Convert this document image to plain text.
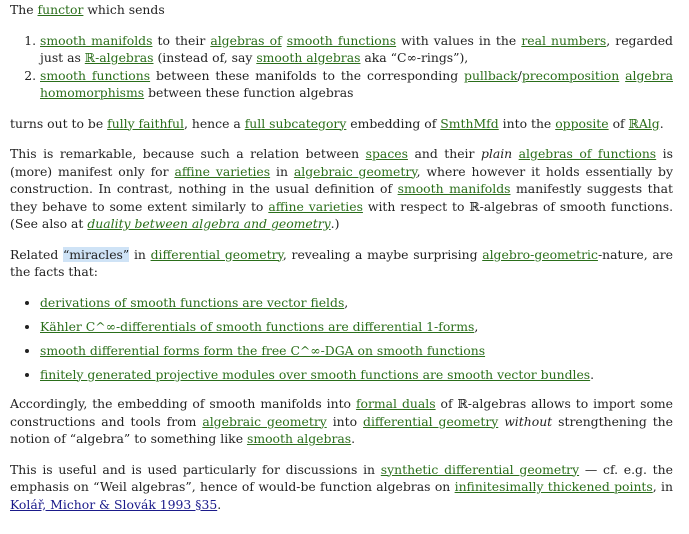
The functor which sends

1. smooth manifolds to their algebras of smooth functions with values in the real numbers, regarded just as ℝ-algebras (instead of, say smooth algebras aka “C∞-rings”),
2. smooth functions between these manifolds to the corresponding pullback/precomposition algebra homomorphisms between these function algebras

turns out to be fully faithful, hence a full subcategory embedding of SmthMfd into the opposite of ℝAlg.

This is remarkable, because such a relation between spaces and their plain algebras of functions is (more) manifest only for affine varieties in algebraic geometry, where however it holds essentially by construction. In contrast, nothing in the usual definition of smooth manifolds manifestly suggests that they behave to some extent similarly to affine varieties with respect to ℝ-algebras of smooth functions. (See also at duality between algebra and geometry.)

Related “miracles” in differential geometry, revealing a maybe surprising algebro-geometric-nature, are the facts that:

• derivations of smooth functions are vector fields,
• Kähler C^∞-differentials of smooth functions are differential 1-forms,
• smooth differential forms form the free C^∞-DGA on smooth functions
• finitely generated projective modules over smooth functions are smooth vector bundles.

Accordingly, the embedding of smooth manifolds into formal duals of ℝ-algebras allows to import some constructions and tools from algebraic geometry into differential geometry without strengthening the notion of “algebra” to something like smooth algebras.

This is useful and is used particularly for discussions in synthetic differential geometry — cf. e.g. the emphasis on “Weil algebras”, hence of would-be function algebras on infinitesimally thickened points, in Kolář, Michor & Slovák 1993 §35.
